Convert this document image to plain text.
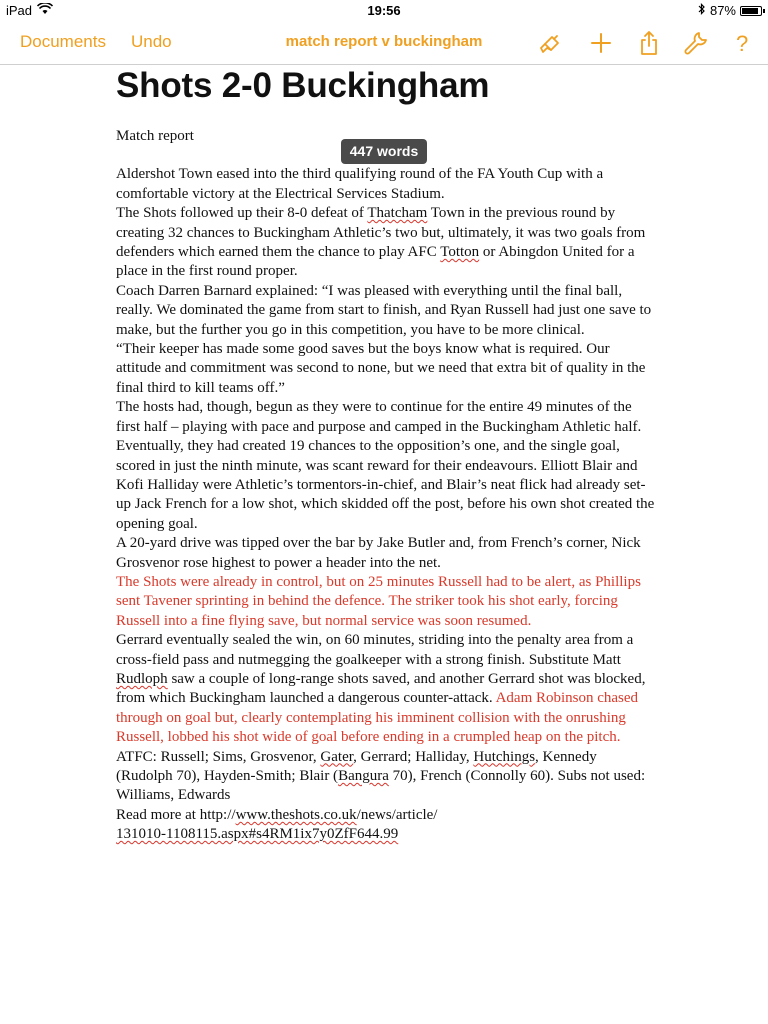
iPad	19:56	87%
Documents Undo	match report v buckingham	?
447 words
Shots 2-0 Buckingham

Match report

Aldershot Town eased into the third qualifying round of the FA Youth Cup with a comfortable victory at the Electrical Services Stadium.

The Shots followed up their 8-0 defeat of Thatcham Town in the previous round by creating 32 chances to Buckingham Athletic’s two but, ultimately, it was two goals from defenders which earned them the chance to play AFC Totton or Abingdon United for a place in the first round proper.

Coach Darren Barnard explained: “I was pleased with everything until the final ball, really. We dominated the game from start to finish, and Ryan Russell had just one save to make, but the further you go in this competition, you have to be more clinical.

“Their keeper has made some good saves but the boys know what is required. Our attitude and commitment was second to none, but we need that extra bit of quality in the final third to kill teams off.”

The hosts had, though, begun as they were to continue for the entire 49 minutes of the first half – playing with pace and purpose and camped in the Buckingham Athletic half.

Eventually, they had created 19 chances to the opposition’s one, and the single goal, scored in just the ninth minute, was scant reward for their endeavours. Elliott Blair and Kofi Halliday were Athletic’s tormentors-in-chief, and Blair’s neat flick had already set-up Jack French for a low shot, which skidded off the post, before his own shot created the opening goal.

A 20-yard drive was tipped over the bar by Jake Butler and, from French’s corner, Nick Grosvenor rose highest to power a header into the net.

The Shots were already in control, but on 25 minutes Russell had to be alert, as Phillips sent Tavener sprinting in behind the defence. The striker took his shot early, forcing Russell into a fine flying save, but normal service was soon resumed.

Gerrard eventually sealed the win, on 60 minutes, striding into the penalty area from a cross-field pass and nutmegging the goalkeeper with a strong finish. Substitute Matt Rudloph saw a couple of long-range shots saved, and another Gerrard shot was blocked, from which Buckingham launched a dangerous counter-attack. Adam Robinson chased through on goal but, clearly contemplating his imminent collision with the onrushing Russell, lobbed his shot wide of goal before ending in a crumpled heap on the pitch.

ATFC: Russell; Sims, Grosvenor, Gater, Gerrard; Halliday, Hutchings, Kennedy (Rudolph 70), Hayden-Smith; Blair (Bangura 70), French (Connolly 60). Subs not used: Williams, Edwards

Read more at http://www.theshots.co.uk/news/article/
131010-1108115.aspx#s4RM1ix7y0ZfF644.99
